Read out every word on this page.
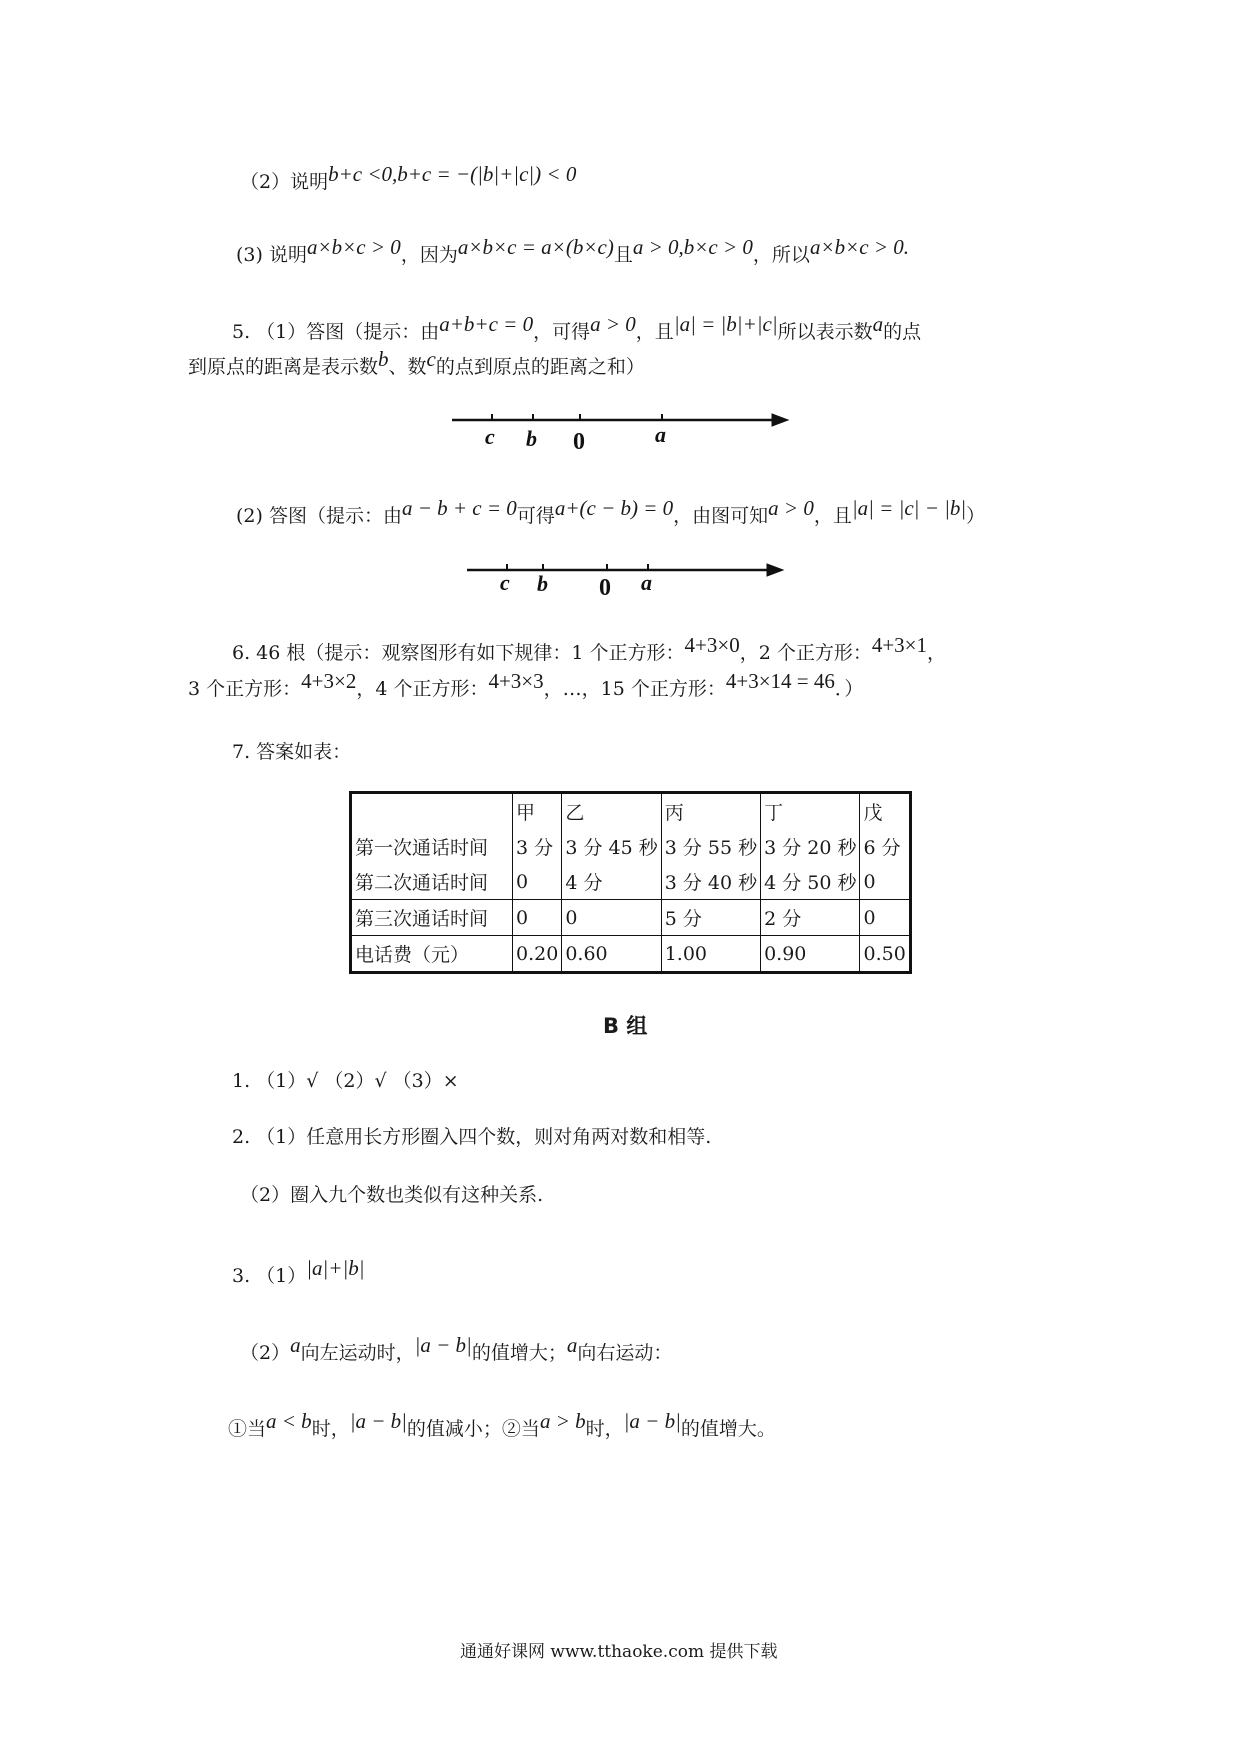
（2）说明b+c <0,b+c = −(|b|+|c|) < 0
(3) 说明a×b×c > 0，因为a×b×c = a×(b×c)且a > 0,b×c > 0，所以a×b×c > 0.
5. （1）答图（提示：由a+b+c = 0，可得a > 0，且|a| = |b|+|c|所以表示数a的点
到原点的距离是表示数b、数c的点到原点的距离之和）
c b 0	a
(2) 答图（提示：由a − b + c = 0可得a+(c − b) = 0，由图可知a > 0，且|a| = |c| − |b|）
c b 0 a
6. 46 根（提示：观察图形有如下规律：1 个正方形：4+3×0，2 个正方形：4+3×1，
3 个正方形：4+3×2，4 个正方形：4+3×3，…，15 个正方形：4+3×14 = 46．）
7. 答案如表：
	甲	乙	丙	丁	戊
第一次通话时间	3 分	3 分 45 秒	3 分 55 秒	3 分 20 秒	6 分
第二次通话时间	0	4 分	3 分 40 秒	4 分 50 秒	0
第三次通话时间	0	0	5 分	2 分	0
电话费（元）	0.20	0.60	1.00	0.90	0.50
B 组
1. （1）√ （2）√ （3）×
2. （1）任意用长方形圈入四个数，则对角两对数和相等.
（2）圈入九个数也类似有这种关系.
3. （1）|a|+|b|
（2）a向左运动时，|a − b|的值增大；a向右运动：
①当a < b时，|a − b|的值减小；②当a > b时，|a − b|的值增大。
通通好课网 www.tthaoke.com 提供下载
